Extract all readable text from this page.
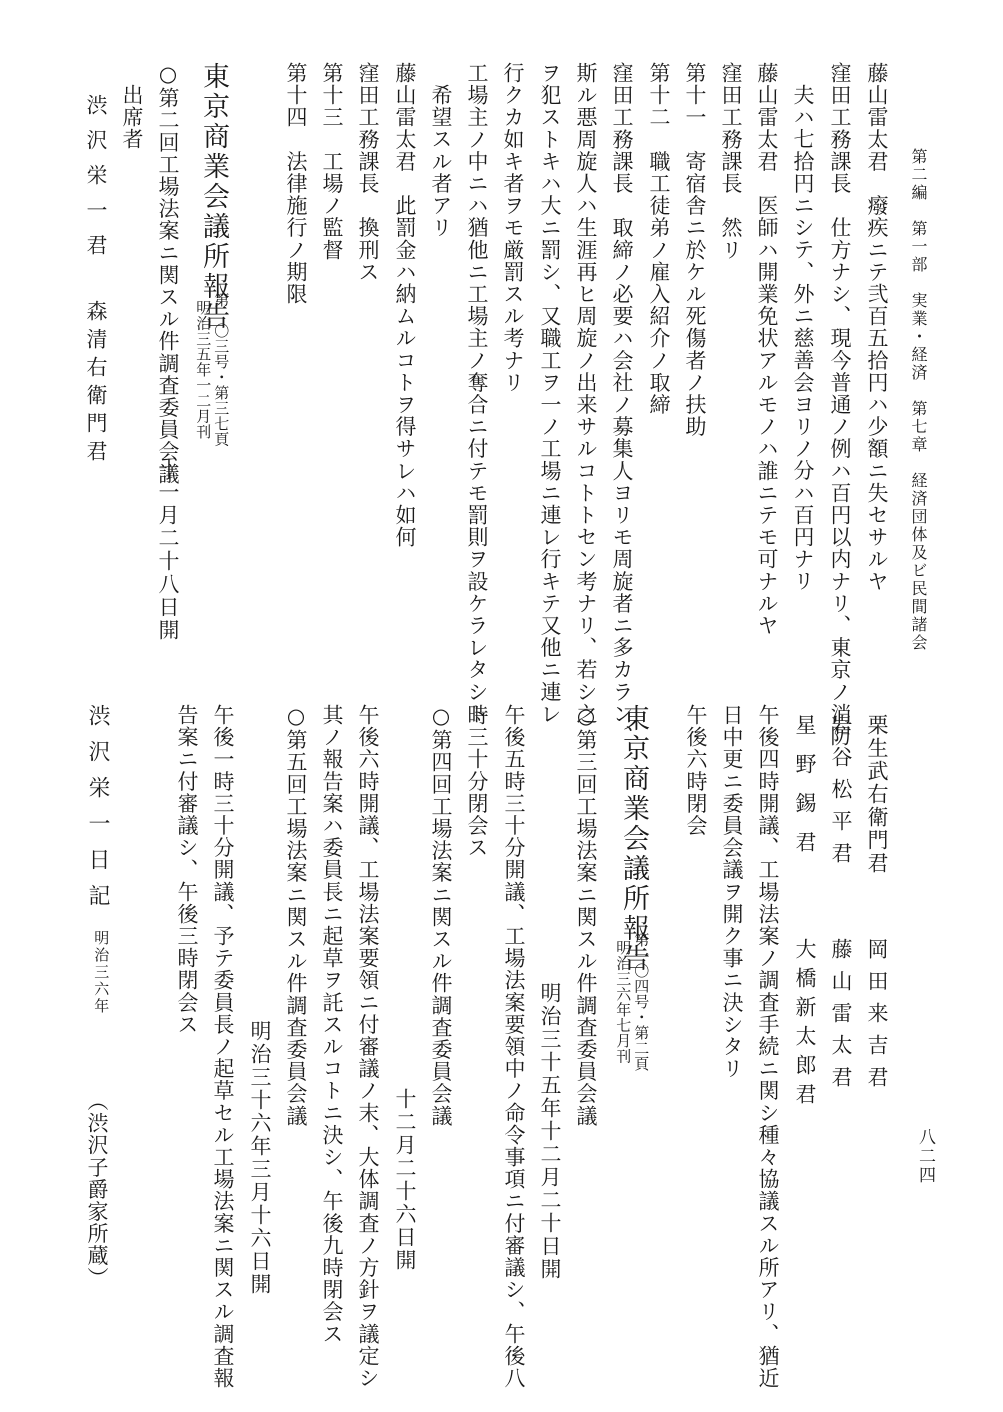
第二編　第一部　実業・経済　第七章　経済団体及ビ民間諸会
八二四
藤山雷太君　癈疾ニテ弐百五拾円ハ少額ニ失セサルヤ
窪田工務課長　仕方ナシ、現今普通ノ例ハ百円以内ナリ、東京ノ消防
夫ハ七拾円ニシテ、外ニ慈善会ヨリノ分ハ百円ナリ
藤山雷太君　医師ハ開業免状アルモノハ誰ニテモ可ナルヤ
窪田工務課長　然リ
第十一　寄宿舎ニ於ケル死傷者ノ扶助
第十二　職工徒弟ノ雇入紹介ノ取締
窪田工務課長　取締ノ必要ハ会社ノ募集人ヨリモ周旋者ニ多カラン、
斯ル悪周旋人ハ生涯再ヒ周旋ノ出来サルコトトセン考ナリ、若シ之
ヲ犯ストキハ大ニ罰シ、又職工ヲ一ノ工場ニ連レ行キテ又他ニ連レ
行クカ如キ者ヲモ厳罰スル考ナリ
工場主ノ中ニハ猶他ニ工場主ノ奪合ニ付テモ罰則ヲ設ケラレタシト
希望スル者アリ
藤山雷太君　此罰金ハ納ムルコトヲ得サレハ如何
窪田工務課長　換刑ス
第十三　工場ノ監督
第十四　法律施行ノ期限
東京商業会議所報告
第一〇三号・第三七頁
明治三五年一二月刊
○第二回工場法案ニ関スル件調査委員会議
十一月二十八日開
出席者
渋沢栄一君
森清右衛門君
栗生武右衛門君
岡田来吉君
岩谷松平君
藤山雷太君
星野錫君
大橋新太郎君
午後四時開議、工場法案ノ調査手続ニ関シ種々協議スル所アリ、猶近
日中更ニ委員会議ヲ開ク事ニ決シタリ
午後六時閉会
東京商業会議所報告
第一〇四号・第二頁
明治三六年七月刊
○第三回工場法案ニ関スル件調査委員会議
明治三十五年十二月二十日開
午後五時三十分開議、工場法案要領中ノ命令事項ニ付審議シ、午後八
時三十分閉会ス
○第四回工場法案ニ関スル件調査委員会議
十二月二十六日開
午後六時開議、工場法案要領ニ付審議ノ末、大体調査ノ方針ヲ議定シ
其ノ報告案ハ委員長ニ起草ヲ託スルコトニ決シ、午後九時閉会ス
○第五回工場法案ニ関スル件調査委員会議
明治三十六年三月十六日開
午後一時三十分開議、予テ委員長ノ起草セル工場法案ニ関スル調査報
告案ニ付審議シ、午後三時閉会ス
渋沢栄一日記
明治三六年
（渋沢子爵家所蔵）
